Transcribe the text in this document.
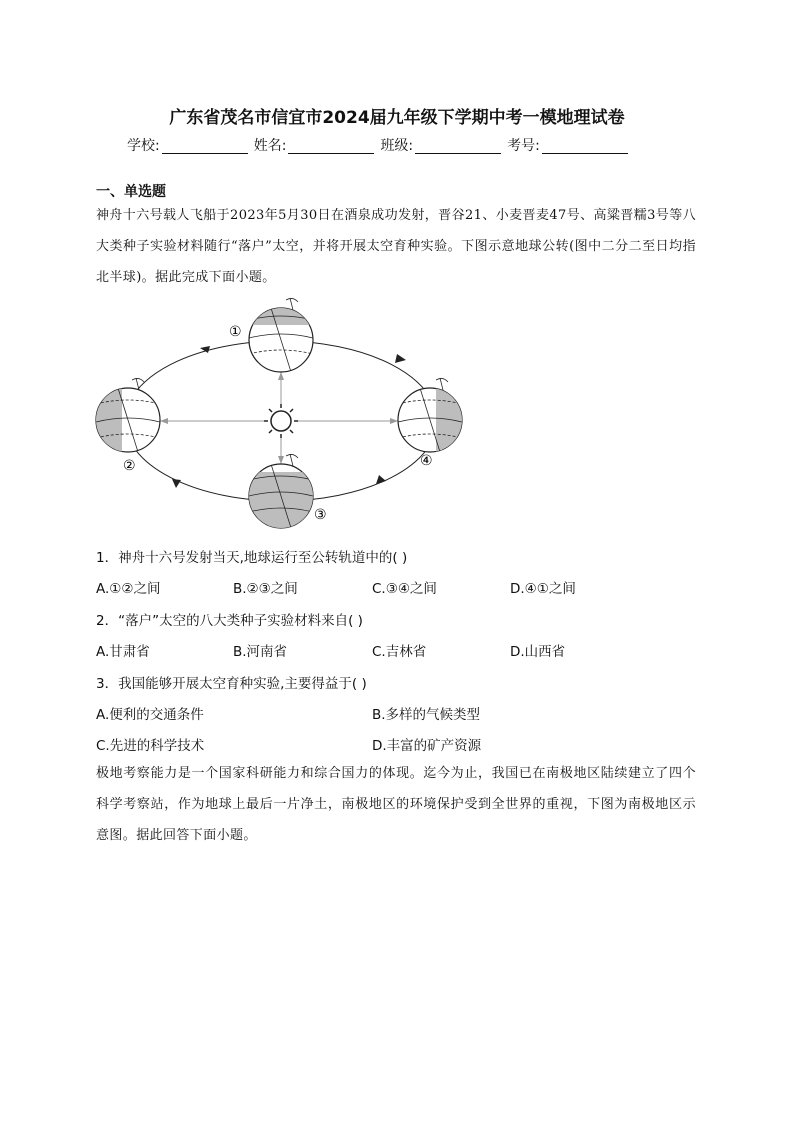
广东省茂名市信宜市2024届九年级下学期中考一模地理试卷
学校:	姓名:	班级:	考号:
一、单选题
神舟十六号载人飞船于2023年5月30日在酒泉成功发射，晋谷21、小麦晋麦47号、高粱晋糯3号等八大类种子实验材料随行“落户”太空，并将开展太空育种实验。下图示意地球公转(图中二分二至日均指北半球)。据此完成下面小题。
①
②
③
④
1．神舟十六号发射当天,地球运行至公转轨道中的( )
A.①②之间	B.②③之间	C.③④之间	D.④①之间
2．“落户”太空的八大类种子实验材料来自( )
A.甘肃省	B.河南省	C.吉林省	D.山西省
3．我国能够开展太空育种实验,主要得益于( )
A.便利的交通条件	B.多样的气候类型
C.先进的科学技术	D.丰富的矿产资源
极地考察能力是一个国家科研能力和综合国力的体现。迄今为止，我国已在南极地区陆续建立了四个科学考察站，作为地球上最后一片净土，南极地区的环境保护受到全世界的重视，下图为南极地区示意图。据此回答下面小题。
